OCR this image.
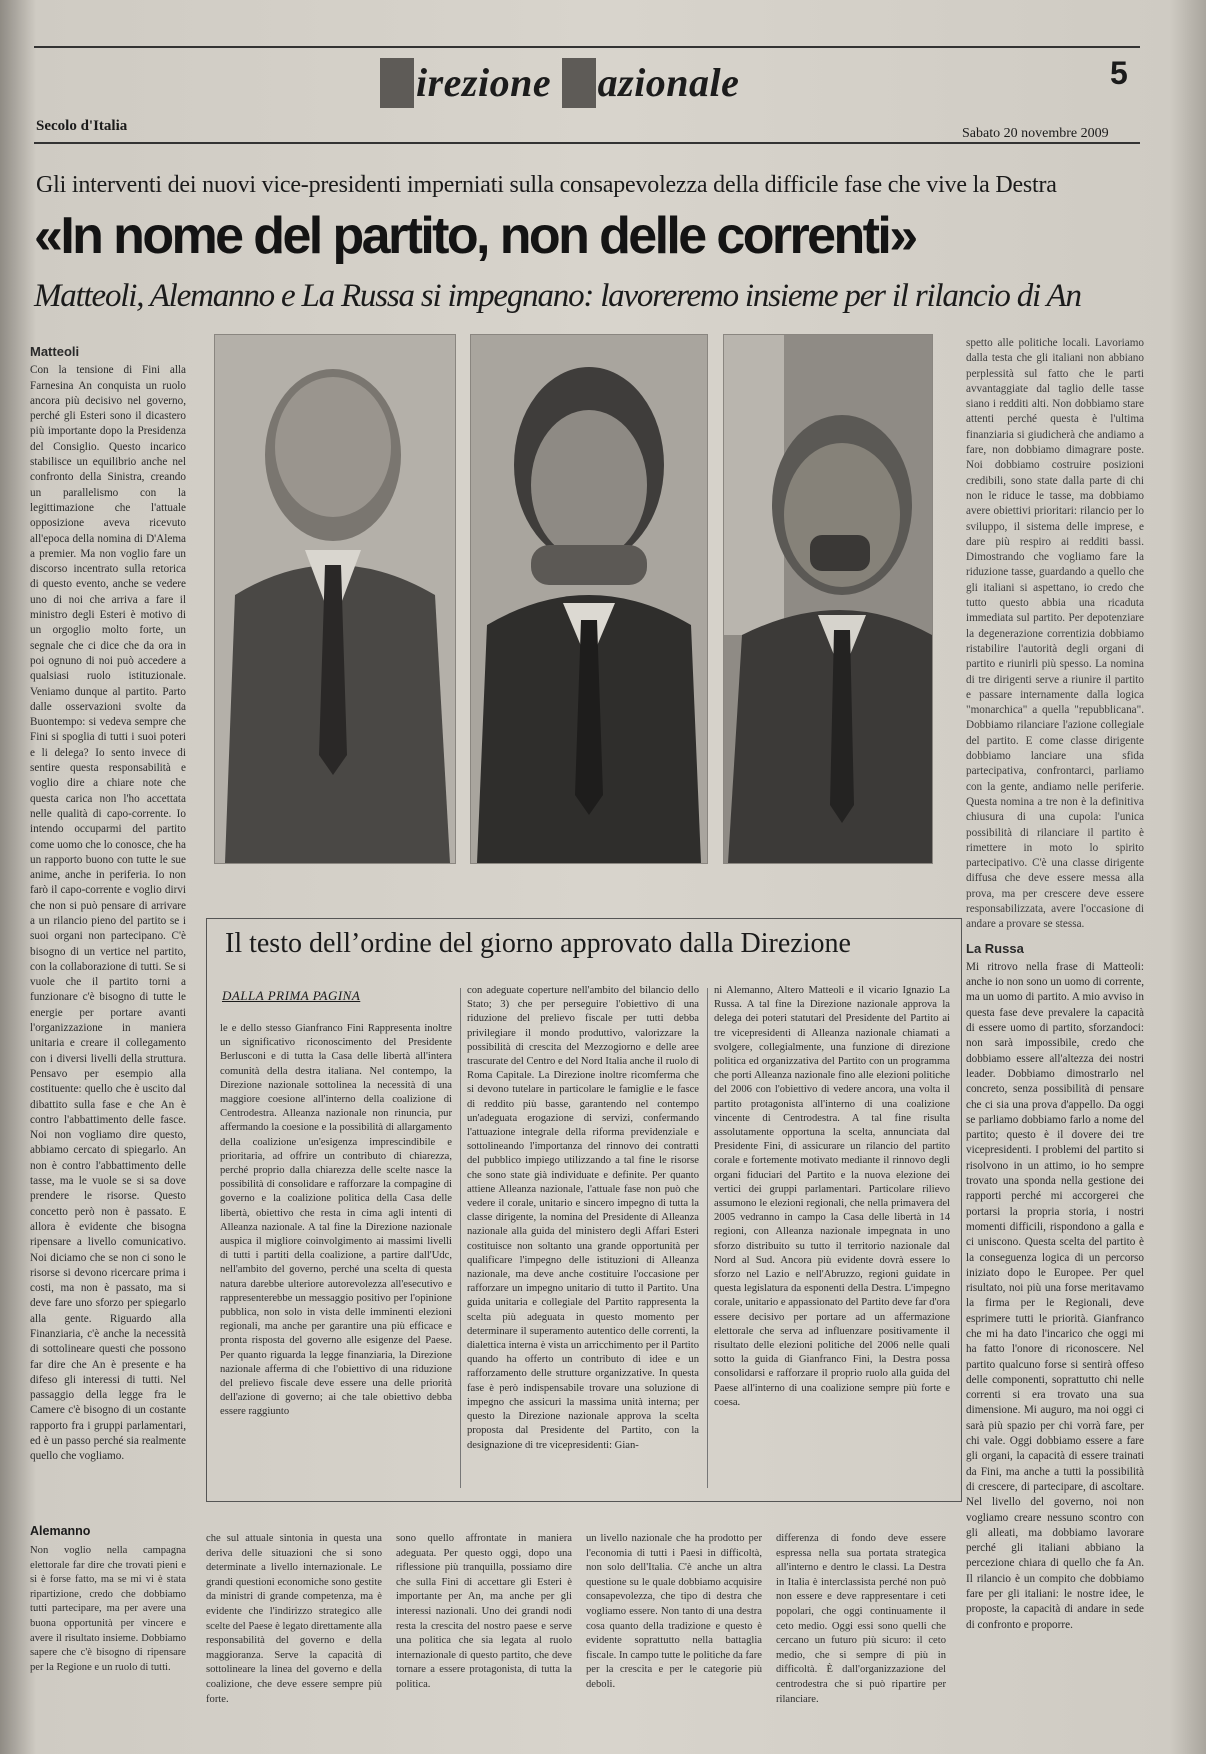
irezione azionale	5
Secolo d'Italia	Sabato 20 novembre 2009
Gli interventi dei nuovi vice-presidenti imperniati sulla consapevolezza della difficile fase che vive la Destra
«In nome del partito, non delle correnti»
Matteoli, Alemanno e La Russa si impegnano: lavoreremo insieme per il rilancio di An
Matteoli
Con la tensione di Fini alla Farnesina An conquista un ruolo ancora più decisivo nel governo, perché gli Esteri sono il dicastero più importante dopo la Presidenza del Consiglio. Questo incarico stabilisce un equilibrio anche nel confronto della Sinistra, creando un parallelismo con la legittimazione che l'attuale opposizione aveva ricevuto all'epoca della nomina di D'Alema a premier. Ma non voglio fare un discorso incentrato sulla retorica di questo evento, anche se vedere uno di noi che arriva a fare il ministro degli Esteri è motivo di un orgoglio molto forte, un segnale che ci dice che da ora in poi ognuno di noi può accedere a qualsiasi ruolo istituzionale. Veniamo dunque al partito. Parto dalle osservazioni svolte da Buontempo: si vedeva sempre che Fini si spoglia di tutti i suoi poteri e li delega? Io sento invece di sentire questa responsabilità e voglio dire a chiare note che questa carica non l'ho accettata nelle qualità di capo-corrente. Io intendo occuparmi del partito come uomo che lo conosce, che ha un rapporto buono con tutte le sue anime, anche in periferia. Io non farò il capo-corrente e voglio dirvi che non si può pensare di arrivare a un rilancio pieno del partito se i suoi organi non partecipano. C'è bisogno di un vertice nel partito, con la collaborazione di tutti. Se si vuole che il partito torni a funzionare c'è bisogno di tutte le energie per portare avanti l'organizzazione in maniera unitaria e creare il collegamento con i diversi livelli della struttura. Pensavo per esempio alla costituente: quello che è uscito dal dibattito sulla fase e che An è contro l'abbattimento delle fasce. Noi non vogliamo dire questo, abbiamo cercato di spiegarlo. An non è contro l'abbattimento delle tasse, ma le vuole se si sa dove prendere le risorse. Questo concetto però non è passato. E allora è evidente che bisogna ripensare a livello comunicativo. Noi diciamo che se non ci sono le risorse si devono ricercare prima i costi, ma non è passato, ma si deve fare uno sforzo per spiegarlo alla gente. Riguardo alla Finanziaria, c'è anche la necessità di sottolineare questi che possono far dire che An è presente e ha difeso gli interessi di tutti. Nel passaggio della legge fra le Camere c'è bisogno di un costante rapporto fra i gruppi parlamentari, ed è un passo perché sia realmente quello che vogliamo.
spetto alle politiche locali. Lavoriamo dalla testa che gli italiani non abbiano perplessità sul fatto che le parti avvantaggiate dal taglio delle tasse siano i redditi alti. Non dobbiamo stare attenti perché questa è l'ultima finanziaria si giudicherà che andiamo a fare, non dobbiamo dimagrare poste. Noi dobbiamo costruire posizioni credibili, sono state dalla parte di chi non le riduce le tasse, ma dobbiamo avere obiettivi prioritari: rilancio per lo sviluppo, il sistema delle imprese, e dare più respiro ai redditi bassi. Dimostrando che vogliamo fare la riduzione tasse, guardando a quello che gli italiani si aspettano, io credo che tutto questo abbia una ricaduta immediata sul partito. Per depotenziare la degenerazione correntizia dobbiamo ristabilire l'autorità degli organi di partito e riunirli più spesso. La nomina di tre dirigenti serve a riunire il partito e passare internamente dalla logica "monarchica" a quella "repubblicana". Dobbiamo rilanciare l'azione collegiale del partito. E come classe dirigente dobbiamo lanciare una sfida partecipativa, confrontarci, parliamo con la gente, andiamo nelle periferie. Questa nomina a tre non è la definitiva chiusura di una cupola: l'unica possibilità di rilanciare il partito è rimettere in moto lo spirito partecipativo. C'è una classe dirigente diffusa che deve essere messa alla prova, ma per crescere deve essere responsabilizzata, avere l'occasione di andare a provare se stessa.
La Russa
Mi ritrovo nella frase di Matteoli: anche io non sono un uomo di corrente, ma un uomo di partito. A mio avviso in questa fase deve prevalere la capacità di essere uomo di partito, sforzandoci: non sarà impossibile, credo che dobbiamo essere all'altezza dei nostri leader. Dobbiamo dimostrarlo nel concreto, senza possibilità di pensare che ci sia una prova d'appello. Da oggi se parliamo dobbiamo farlo a nome del partito; questo è il dovere dei tre vicepresidenti. I problemi del partito si risolvono in un attimo, io ho sempre trovato una sponda nella gestione dei rapporti perché mi accorgerei che portarsi la propria storia, i nostri momenti difficili, rispondono a galla e ci uniscono. Questa scelta del partito è la conseguenza logica di un percorso iniziato dopo le Europee. Per quel risultato, noi più una forse meritavamo la firma per le Regionali, deve esprimere tutti le priorità. Gianfranco che mi ha dato l'incarico che oggi mi ha fatto l'onore di riconoscere. Nel partito qualcuno forse si sentirà offeso delle componenti, soprattutto chi nelle correnti si era trovato una sua dimensione. Mi auguro, ma noi oggi ci sarà più spazio per chi vorrà fare, per chi vale. Oggi dobbiamo essere a fare gli organi, la capacità di essere trainati da Fini, ma anche a tutti la possibilità di crescere, di partecipare, di ascoltare. Nel livello del governo, noi non vogliamo creare nessuno scontro con gli alleati, ma dobbiamo lavorare perché gli italiani abbiano la percezione chiara di quello che fa An. Il rilancio è un compito che dobbiamo fare per gli italiani: le nostre idee, le proposte, la capacità di andare in sede di confronto e proporre.
Il testo dell’ordine del giorno approvato dalla Direzione
DALLA PRIMA PAGINA
le e dello stesso Gianfranco Fini Rappresenta inoltre un significativo riconoscimento del Presidente Berlusconi e di tutta la Casa delle libertà all'intera comunità della destra italiana. Nel contempo, la Direzione nazionale sottolinea la necessità di una maggiore coesione all'interno della coalizione di Centrodestra. Alleanza nazionale non rinuncia, pur affermando la coesione e la possibilità di allargamento della coalizione un'esigenza imprescindibile e prioritaria, ad offrire un contributo di chiarezza, perché proprio dalla chiarezza delle scelte nasce la possibilità di consolidare e rafforzare la compagine di governo e la coalizione politica della Casa delle libertà, obiettivo che resta in cima agli intenti di Alleanza nazionale. A tal fine la Direzione nazionale auspica il migliore coinvolgimento ai massimi livelli di tutti i partiti della coalizione, a partire dall'Udc, nell'ambito del governo, perché una scelta di questa natura darebbe ulteriore autorevolezza all'esecutivo e rappresenterebbe un messaggio positivo per l'opinione pubblica, non solo in vista delle imminenti elezioni regionali, ma anche per garantire una più efficace e pronta risposta del governo alle esigenze del Paese. Per quanto riguarda la legge finanziaria, la Direzione nazionale afferma di che l'obiettivo di una riduzione del prelievo fiscale deve essere una delle priorità dell'azione di governo; ai che tale obiettivo debba essere raggiunto
con adeguate coperture nell'ambito del bilancio dello Stato; 3) che per perseguire l'obiettivo di una riduzione del prelievo fiscale per tutti debba privilegiare il mondo produttivo, valorizzare la possibilità di crescita del Mezzogiorno e delle aree trascurate del Centro e del Nord Italia anche il ruolo di Roma Capitale. La Direzione inoltre ricomferma che si devono tutelare in particolare le famiglie e le fasce di reddito più basse, garantendo nel contempo un'adeguata erogazione di servizi, confermando l'attuazione integrale della riforma previdenziale e sottolineando l'importanza del rinnovo dei contratti del pubblico impiego utilizzando a tal fine le risorse che sono state già individuate e definite. Per quanto attiene Alleanza nazionale, l'attuale fase non può che vedere il corale, unitario e sincero impegno di tutta la classe dirigente, la nomina del Presidente di Alleanza nazionale alla guida del ministero degli Affari Esteri costituisce non soltanto una grande opportunità per qualificare l'impegno delle istituzioni di Alleanza nazionale, ma deve anche costituire l'occasione per rafforzare un impegno unitario di tutto il Partito. Una guida unitaria e collegiale del Partito rappresenta la scelta più adeguata in questo momento per determinare il superamento autentico delle correnti, la dialettica interna è vista un arricchimento per il Partito quando ha offerto un contributo di idee e un rafforzamento delle strutture organizzative. In questa fase è però indispensabile trovare una soluzione di impegno che assicuri la massima unità interna; per questo la Direzione nazionale approva la scelta proposta dal Presidente del Partito, con la designazione di tre vicepresidenti: Gian-
ni Alemanno, Altero Matteoli e il vicario Ignazio La Russa. A tal fine la Direzione nazionale approva la delega dei poteri statutari del Presidente del Partito ai tre vicepresidenti di Alleanza nazionale chiamati a svolgere, collegialmente, una funzione di direzione politica ed organizzativa del Partito con un programma che porti Alleanza nazionale fino alle elezioni politiche del 2006 con l'obiettivo di vedere ancora, una volta il partito protagonista all'interno di una coalizione vincente di Centrodestra. A tal fine risulta assolutamente opportuna la scelta, annunciata dal Presidente Fini, di assicurare un rilancio del partito corale e fortemente motivato mediante il rinnovo degli organi fiduciari del Partito e la nuova elezione dei vertici dei gruppi parlamentari. Particolare rilievo assumono le elezioni regionali, che nella primavera del 2005 vedranno in campo la Casa delle libertà in 14 regioni, con Alleanza nazionale impegnata in uno sforzo distribuito su tutto il territorio nazionale dal Nord al Sud. Ancora più evidente dovrà essere lo sforzo nel Lazio e nell'Abruzzo, regioni guidate in questa legislatura da esponenti della Destra. L'impegno corale, unitario e appassionato del Partito deve far d'ora essere decisivo per portare ad un affermazione elettorale che serva ad influenzare positivamente il risultato delle elezioni politiche del 2006 nelle quali sotto la guida di Gianfranco Fini, la Destra possa consolidarsi e rafforzare il proprio ruolo alla guida del Paese all'interno di una coalizione sempre più forte e coesa.
Alemanno
Non voglio nella campagna elettorale far dire che trovati pieni e si è forse fatto, ma se mi vi è stata ripartizione, credo che dobbiamo tutti partecipare, ma per avere una buona opportunità per vincere e avere il risultato insieme. Dobbiamo sapere che c'è bisogno di ripensare per la Regione e un ruolo di tutti.
che sul attuale sintonia in questa una deriva delle situazioni che si sono determinate a livello internazionale. Le grandi questioni economiche sono gestite da ministri di grande competenza, ma è evidente che l'indirizzo strategico alle scelte del Paese è legato direttamente alla responsabilità del governo e della maggioranza. Serve la capacità di sottolineare la linea del governo e della coalizione, che deve essere sempre più forte.
sono quello affrontate in maniera adeguata. Per questo oggi, dopo una riflessione più tranquilla, possiamo dire che sulla Fini di accettare gli Esteri è importante per An, ma anche per gli interessi nazionali. Uno dei grandi nodi resta la crescita del nostro paese e serve una politica che sia legata al ruolo internazionale di questo partito, che deve tornare a essere protagonista, di tutta la politica.
un livello nazionale che ha prodotto per l'economia di tutti i Paesi in difficoltà, non solo dell'Italia. C'è anche un altra questione su le quale dobbiamo acquisire consapevolezza, che tipo di destra che vogliamo essere. Non tanto di una destra cosa quanto della tradizione e questo è evidente soprattutto nella battaglia fiscale. In campo tutte le politiche da fare per la crescita e per le categorie più deboli.
differenza di fondo deve essere espressa nella sua portata strategica all'interno e dentro le classi. La Destra in Italia è interclassista perché non può non essere e deve rappresentare i ceti popolari, che oggi continuamente il ceto medio. Oggi essi sono quelli che cercano un futuro più sicuro: il ceto medio, che si sempre di più in difficoltà. È dall'organizzazione del centrodestra che si può ripartire per rilanciare.
